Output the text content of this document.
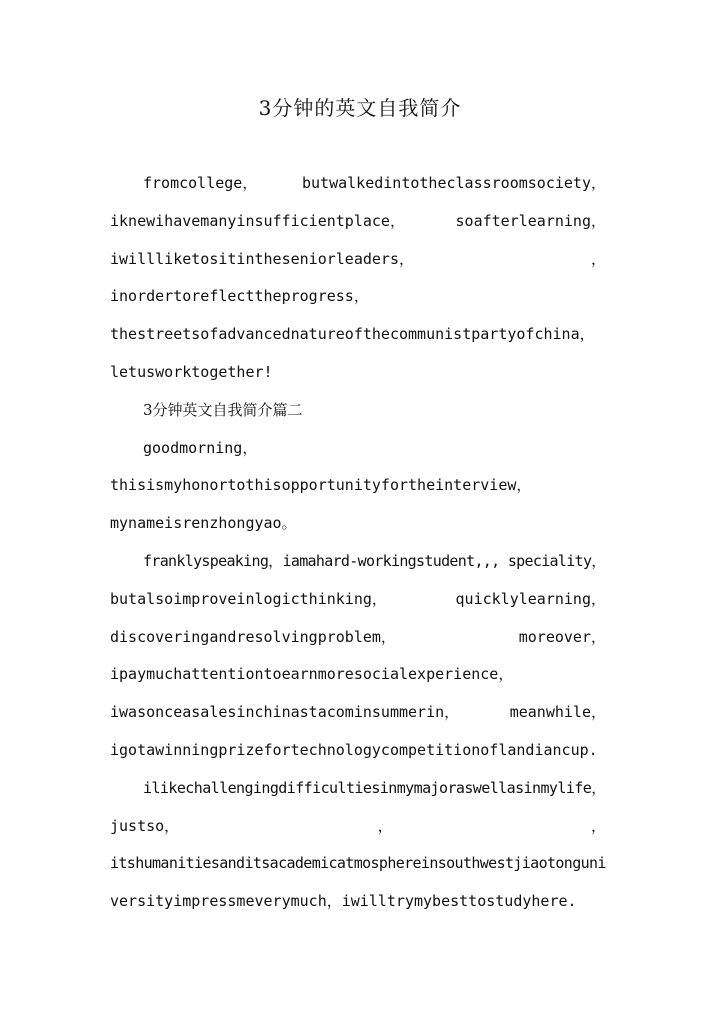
3分钟的英文自我简介
fromcollege，	butwalkedintotheclassroomsociety，
iknewihavemanyinsufficientplace，	soafterlearning，
iwillliketositintheseniorleaders，	，
inordertoreflecttheprogress，
thestreetsofadvancednatureofthecommunistpartyofchina，
letusworktogether!
3分钟英文自我简介篇二
goodmorning，
thisismyhonortothisopportunityfortheinterview，
mynameisrenzhongyao。
franklyspeaking，iamahard-workingstudent,,, speciality，
butalsoimproveinlogicthinking，	quicklylearning，
discoveringandresolvingproblem，	moreover，
ipaymuchattentiontoearnmoresocialexperience，
iwasonceasalesinchinastacominsummerin，	meanwhile，
igotawinningprizefortechnologycompetitionoflandiancup.
ilikechallengingdifficultiesinmymajoraswellasinmylife，
justso，	，	，
itshumanitiesanditsacademicatmosphereinsouthwestjiaotonguni
versityimpressmeverymuch，iwilltrymybesttostudyhere.
